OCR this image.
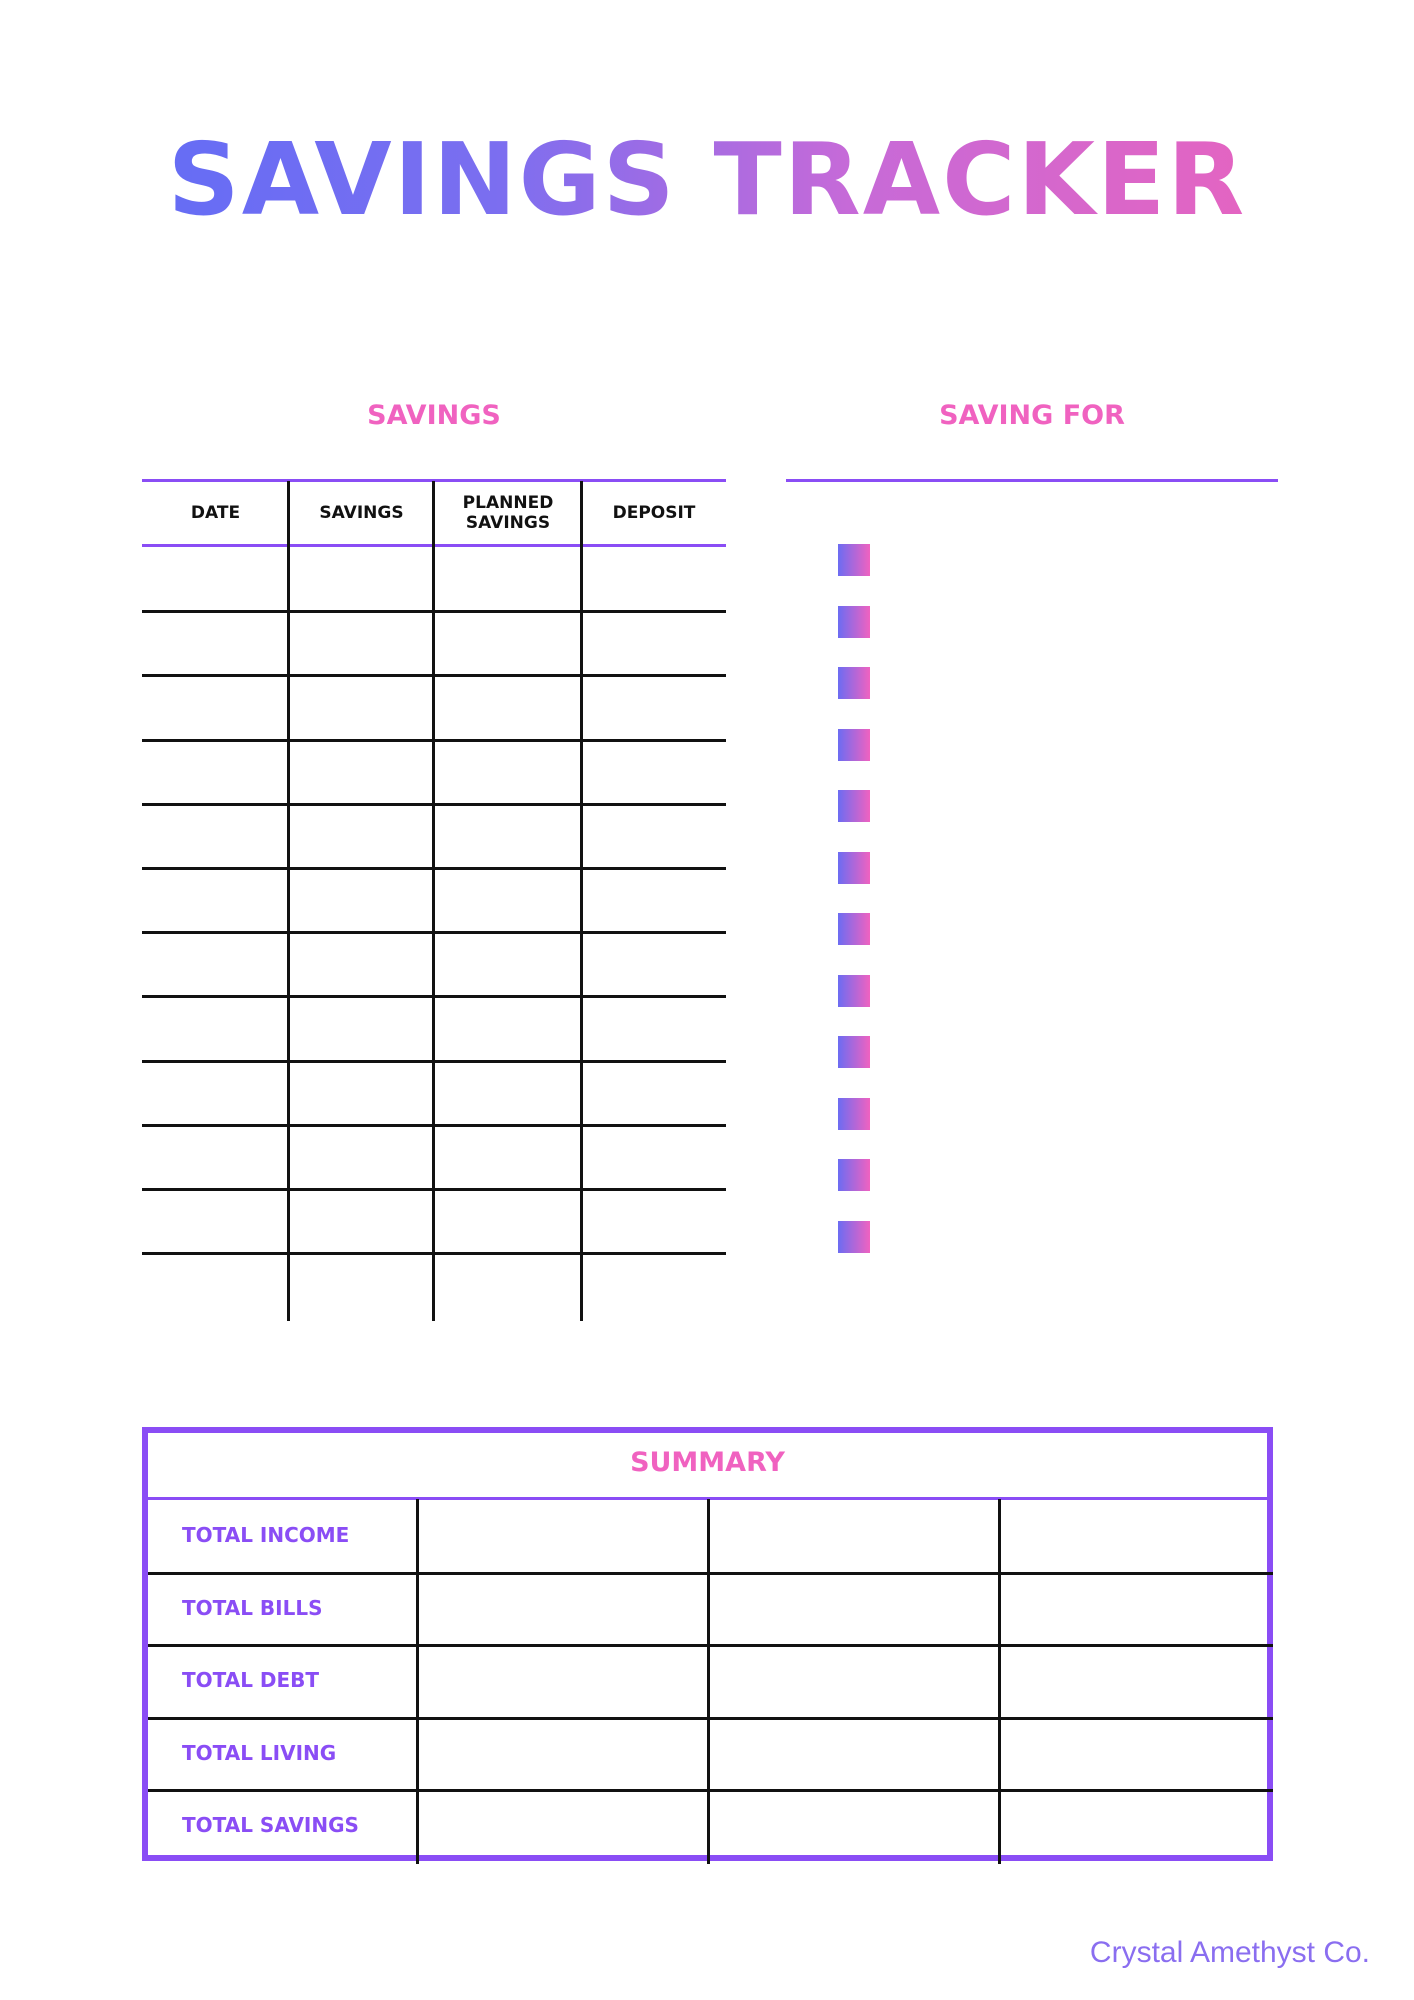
SAVINGS TRACKER
SAVINGS
DATE	SAVINGS
PLANNED SAVINGS
DEPOSIT
SAVING FOR
SUMMARY
TOTAL INCOME
TOTAL BILLS
TOTAL DEBT
TOTAL LIVING
TOTAL SAVINGS
Crystal Amethyst Co.
